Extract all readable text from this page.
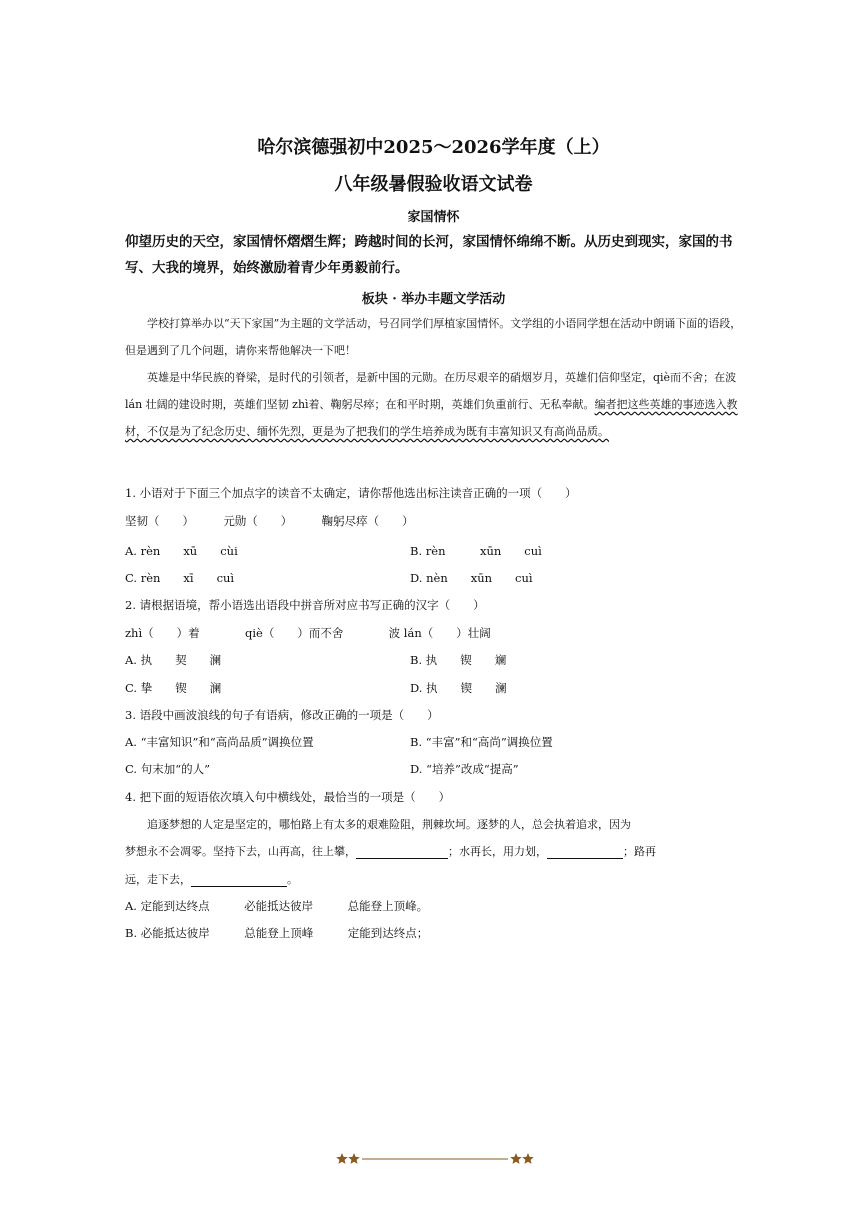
哈尔滨德强初中2025～2026学年度（上）
八年级暑假验收语文试卷
家国情怀
仰望历史的天空，家国情怀熠熠生辉；跨越时间的长河，家国情怀绵绵不断。从历史到现实，家国的书写、大我的境界，始终激励着青少年勇毅前行。
板块 · 举办丰题文学活动
学校打算举办以“天下家国”为主题的文学活动，号召同学们厚植家国情怀。文学组的小语同学想在活动中朗诵下面的语段，但是遇到了几个问题，请你来帮他解决一下吧！
英雄是中华民族的脊梁，是时代的引领者，是新中国的元勋。在历尽艰辛的硝烟岁月，英雄们信仰坚定，qiè而不舍；在波 lán 壮阔的建设时期，英雄们坚韧 zhì着、鞠躬尽瘁；在和平时期，英雄们负重前行、无私奉献。编者把这些英雄的事迹选入教材，不仅是为了纪念历史、缅怀先烈，更是为了把我们的学生培养成为既有丰富知识又有高尚品质。
1. 小语对于下面三个加点字的读音不太确定，请你帮他选出标注读音正确的一项（　　）
坚韧（　　）	元勋（　　）	鞠躬尽瘁（　　）
A. rèn　　xū　　cùi	B. rèn　　　xūn　　cuì
C. rèn　　xī　　cuì	D. nèn　　xūn　　cuì
2. 请根据语境，帮小语选出语段中拼音所对应书写正确的汉字（　　）
zhì（　　）着	qiè（　　）而不舍	波 lán（　　）壮阔
A. 执　　契　　澜	B. 执　　锲　　斓
C. 挚　　锲　　澜	D. 执　　锲　　澜
3. 语段中画波浪线的句子有语病，修改正确的一项是（　　）
A. “丰富知识”和“高尚品质”调换位置	B. “丰富”和“高尚”调换位置
C. 句末加“的人”	D. “培养”改成“提高”
4. 把下面的短语依次填入句中横线处，最恰当的一项是（　　）
追逐梦想的人定是坚定的，哪怕路上有太多的艰难险阻，荆棘坎坷。逐梦的人，总会执着追求，因为
梦想永不会凋零。坚持下去，山再高，往上攀，	；水再长，用力划，	；路再
远，走下去，	。
A. 定能到达终点　　　必能抵达彼岸　　　总能登上顶峰。
B. 必能抵达彼岸　　　总能登上顶峰　　　定能到达终点；
